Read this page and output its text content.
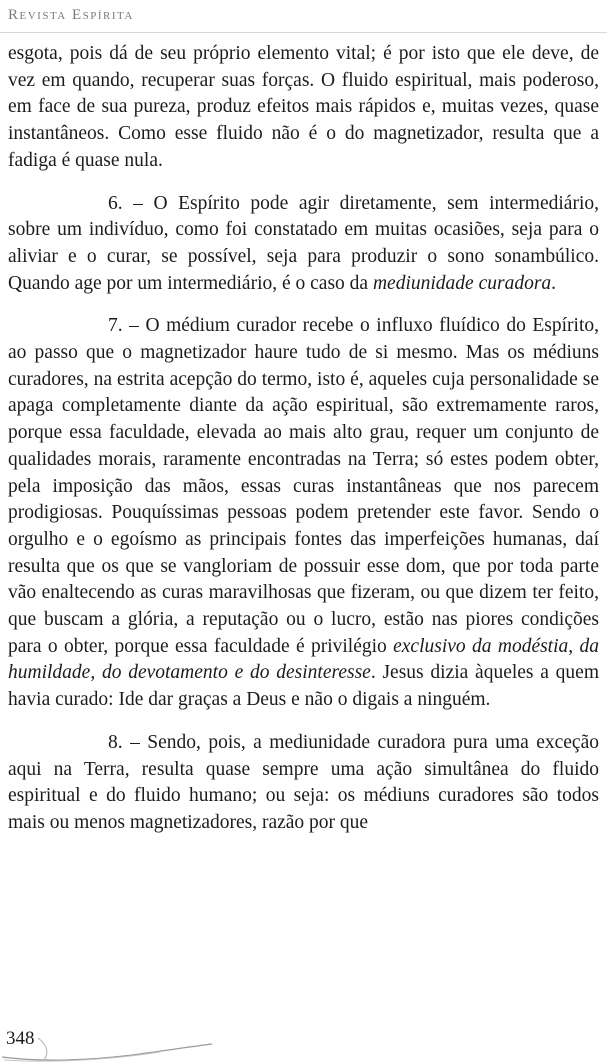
Revista Espírita

esgota, pois dá de seu próprio elemento vital; é por isto que ele deve, de vez em quando, recuperar suas forças. O fluido espiritual, mais poderoso, em face de sua pureza, produz efeitos mais rápidos e, muitas vezes, quase instantâneos. Como esse fluido não é o do magnetizador, resulta que a fadiga é quase nula.

6. – O Espírito pode agir diretamente, sem intermediário, sobre um indivíduo, como foi constatado em muitas ocasiões, seja para o aliviar e o curar, se possível, seja para produzir o sono sonambúlico. Quando age por um intermediário, é o caso da mediunidade curadora.

7. – O médium curador recebe o influxo fluídico do Espírito, ao passo que o magnetizador haure tudo de si mesmo. Mas os médiuns curadores, na estrita acepção do termo, isto é, aqueles cuja personalidade se apaga completamente diante da ação espiritual, são extremamente raros, porque essa faculdade, elevada ao mais alto grau, requer um conjunto de qualidades morais, raramente encontradas na Terra; só estes podem obter, pela imposição das mãos, essas curas instantâneas que nos parecem prodigiosas. Pouquíssimas pessoas podem pretender este favor. Sendo o orgulho e o egoísmo as principais fontes das imperfeições humanas, daí resulta que os que se vangloriam de possuir esse dom, que por toda parte vão enaltecendo as curas maravilhosas que fizeram, ou que dizem ter feito, que buscam a glória, a reputação ou o lucro, estão nas piores condições para o obter, porque essa faculdade é privilégio exclusivo da modéstia, da humildade, do devotamento e do desinteresse. Jesus dizia àqueles a quem havia curado: Ide dar graças a Deus e não o digais a ninguém.

8. – Sendo, pois, a mediunidade curadora pura uma exceção aqui na Terra, resulta quase sempre uma ação simultânea do fluido espiritual e do fluido humano; ou seja: os médiuns curadores são todos mais ou menos magnetizadores, razão por que

348
